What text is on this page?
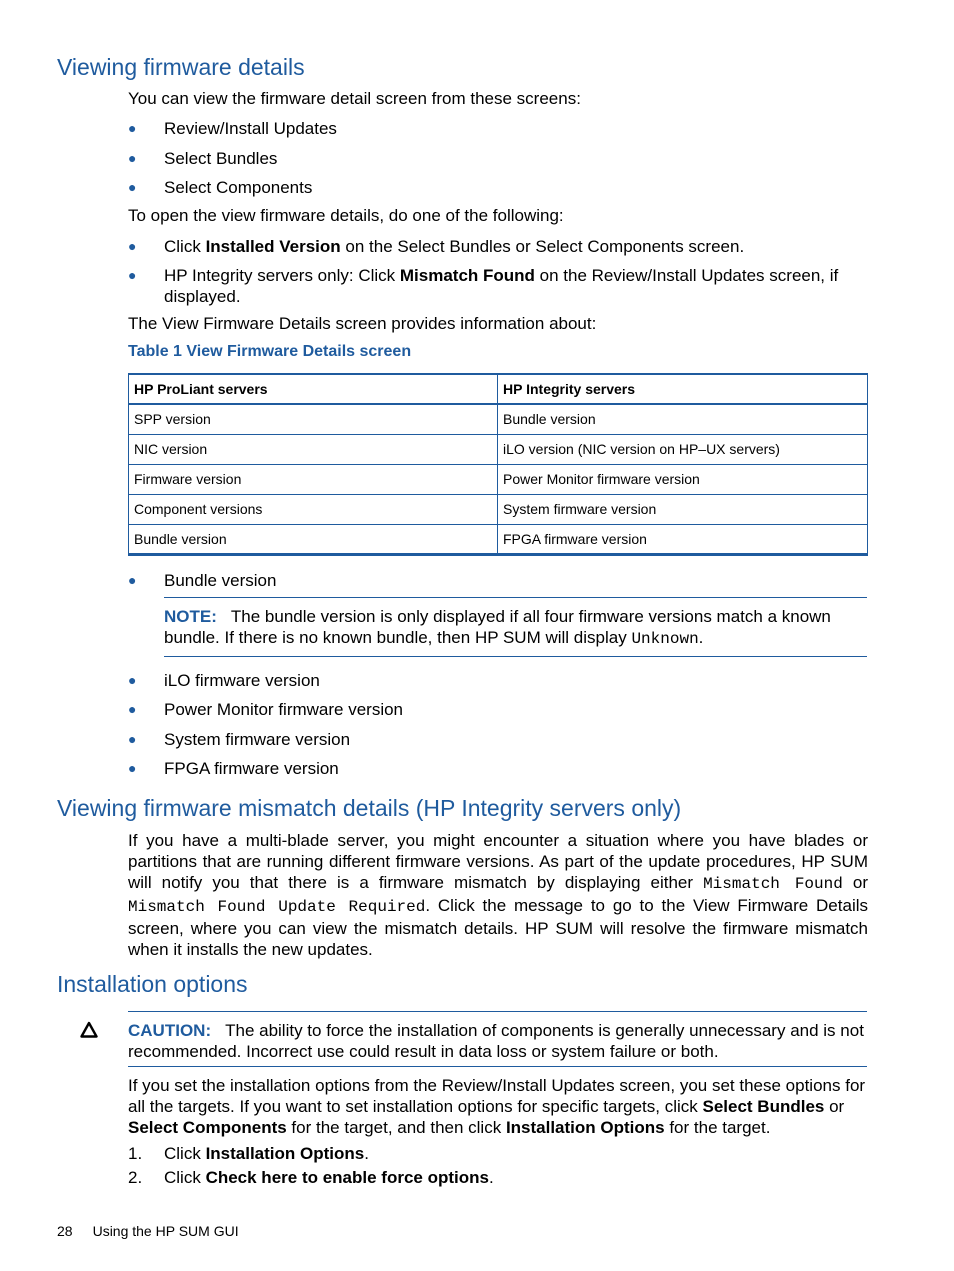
Viewing firmware details
You can view the firmware detail screen from these screens:
●	Review/Install Updates
●	Select Bundles
●	Select Components
To open the view firmware details, do one of the following:
●	Click Installed Version on the Select Bundles or Select Components screen.
●	HP Integrity servers only: Click Mismatch Found on the Review/Install Updates screen, if displayed.
The View Firmware Details screen provides information about:
Table 1 View Firmware Details screen
HP ProLiant servers	HP Integrity servers
SPP version	Bundle version
NIC version	iLO version (NIC version on HP–UX servers)
Firmware version	Power Monitor firmware version
Component versions	System firmware version
Bundle version	FPGA firmware version
●	Bundle version
NOTE: The bundle version is only displayed if all four firmware versions match a known bundle. If there is no known bundle, then HP SUM will display Unknown.
●	iLO firmware version
●	Power Monitor firmware version
●	System firmware version
●	FPGA firmware version
Viewing firmware mismatch details (HP Integrity servers only)
If you have a multi-blade server, you might encounter a situation where you have blades or partitions that are running different firmware versions. As part of the update procedures, HP SUM will notify you that there is a firmware mismatch by displaying either Mismatch Found or Mismatch Found Update Required. Click the message to go to the View Firmware Details screen, where you can view the mismatch details. HP SUM will resolve the firmware mismatch when it installs the new updates.
Installation options
CAUTION: The ability to force the installation of components is generally unnecessary and is not recommended. Incorrect use could result in data loss or system failure or both.
If you set the installation options from the Review/Install Updates screen, you set these options for all the targets. If you want to set installation options for specific targets, click Select Bundles or Select Components for the target, and then click Installation Options for the target.
1.	Click Installation Options.
2.	Click Check here to enable force options.
28 Using the HP SUM GUI
